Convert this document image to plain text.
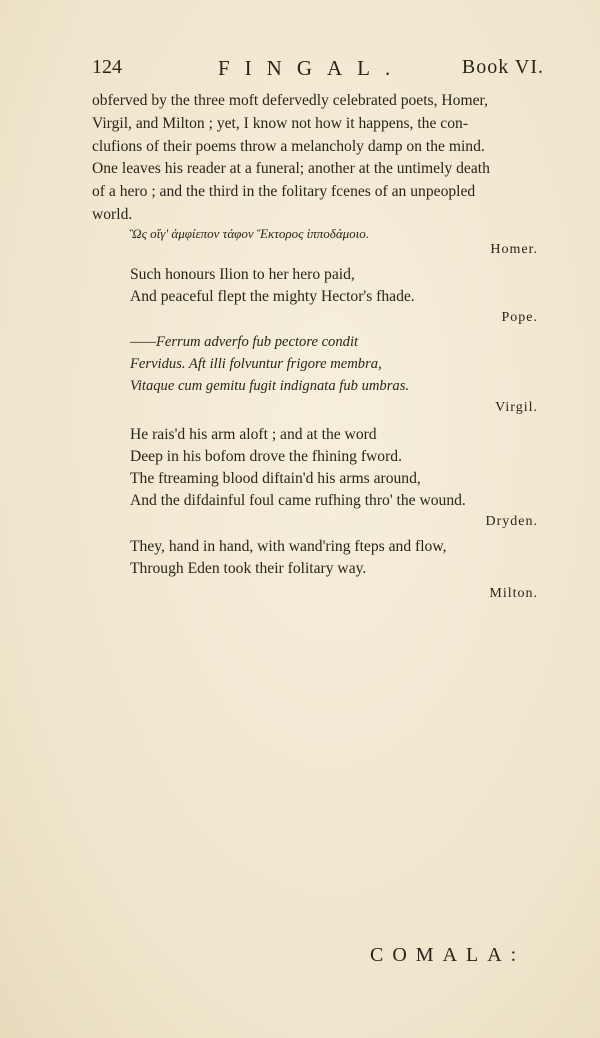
124	FINGAL.	Book VI.

obferved by the three moft defervedly celebrated poets, Homer,

Virgil, and Milton ; yet, I know not how it happens, the con-

clufions of their poems throw a melancholy damp on the mind.

One leaves his reader at a funeral; another at the untimely death

of a hero ; and the third in the folitary fcenes of an unpeopled

world.

Ὣς οἵγ' ἀμφίεπον τάφον Ἕκτορος ἱπποδάμοιο.
Homer.
Such honours Ilion to her hero paid,
And peaceful flept the mighty Hector's fhade.
Pope.
——Ferrum adverfo fub pectore condit
Fervidus. Aft illi folvuntur frigore membra,
Vitaque cum gemitu fugit indignata fub umbras.
Virgil.
He rais'd his arm aloft ; and at the word
Deep in his bofom drove the fhining fword.
The ftreaming blood diftain'd his arms around,
And the difdainful foul came rufhing thro' the wound.
Dryden.
They, hand in hand, with wand'ring fteps and flow,
Through Eden took their folitary way.
Milton.
COMALA:
